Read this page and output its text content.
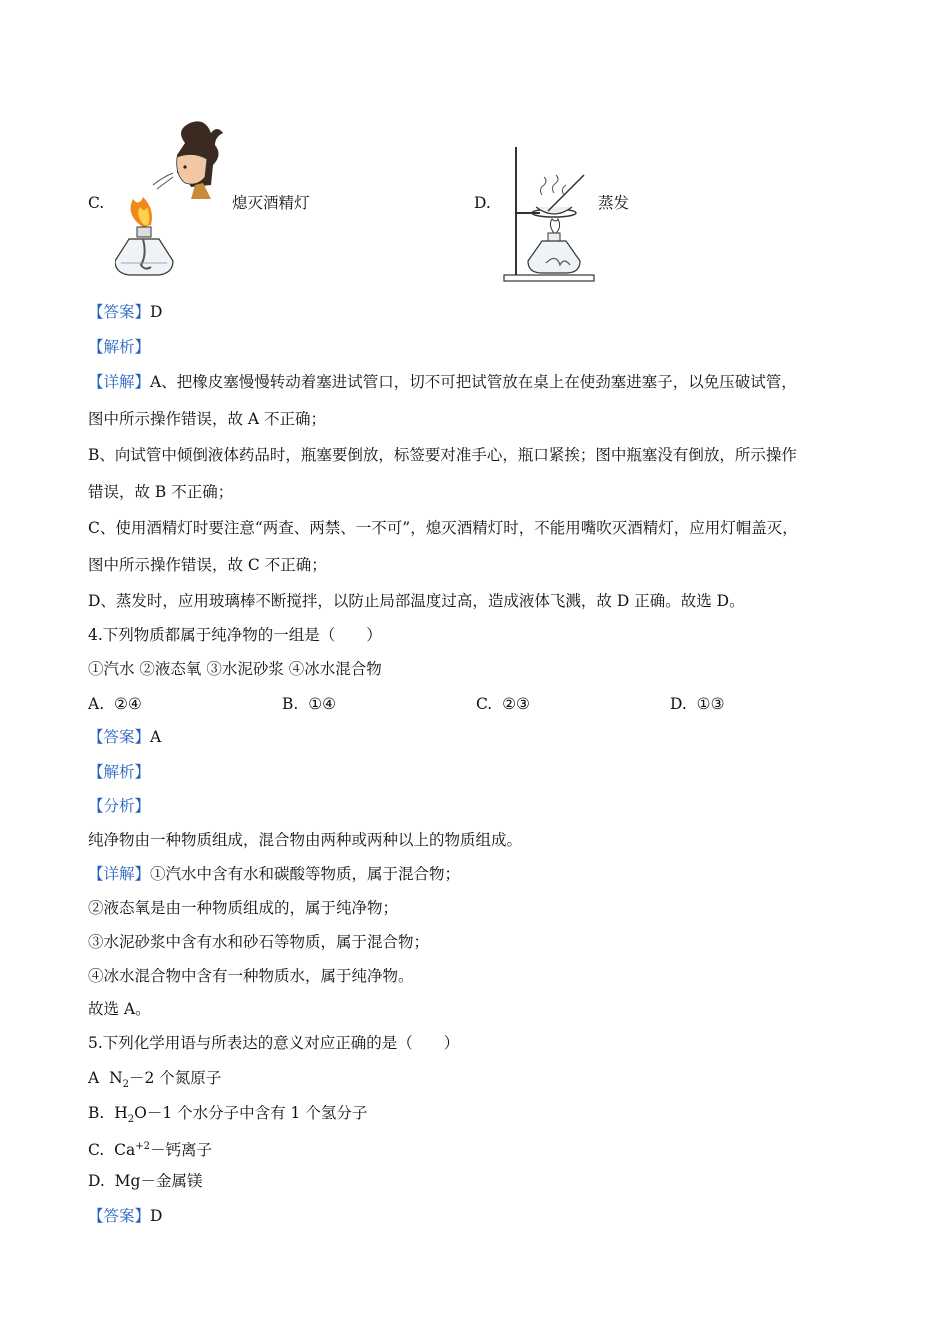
C.	熄灭酒精灯	D.	蒸发
【答案】D
【解析】
【详解】A、把橡皮塞慢慢转动着塞进试管口，切不可把试管放在桌上在使劲塞进塞子，以免压破试管，
图中所示操作错误，故 A 不正确；
B、向试管中倾倒液体药品时，瓶塞要倒放，标签要对准手心，瓶口紧挨；图中瓶塞没有倒放，所示操作
错误，故 B 不正确；
C、使用酒精灯时要注意“两查、两禁、一不可”，熄灭酒精灯时，不能用嘴吹灭酒精灯，应用灯帽盖灭，
图中所示操作错误，故 C 不正确；
D、蒸发时，应用玻璃棒不断搅拌，以防止局部温度过高，造成液体飞溅，故 D 正确。故选 D。
4.下列物质都属于纯净物的一组是（　　）
①汽水 ②液态氧 ③水泥砂浆 ④冰水混合物
A. ②④	B. ①④	C. ②③	D. ①③
【答案】A
【解析】
【分析】
纯净物由一种物质组成，混合物由两种或两种以上的物质组成。
【详解】①汽水中含有水和碳酸等物质，属于混合物；
②液态氧是由一种物质组成的，属于纯净物；
③水泥砂浆中含有水和砂石等物质，属于混合物；
④冰水混合物中含有一种物质水，属于纯净物。
故选 A。
5.下列化学用语与所表达的意义对应正确的是（　　）
A $N_2-2$ 个氮原子
B. $H_2O-1$ 个水分子中含有 1 个氢分子
C. $Ca^{+2}-$钙离子
D. Mg－金属镁
【答案】D
